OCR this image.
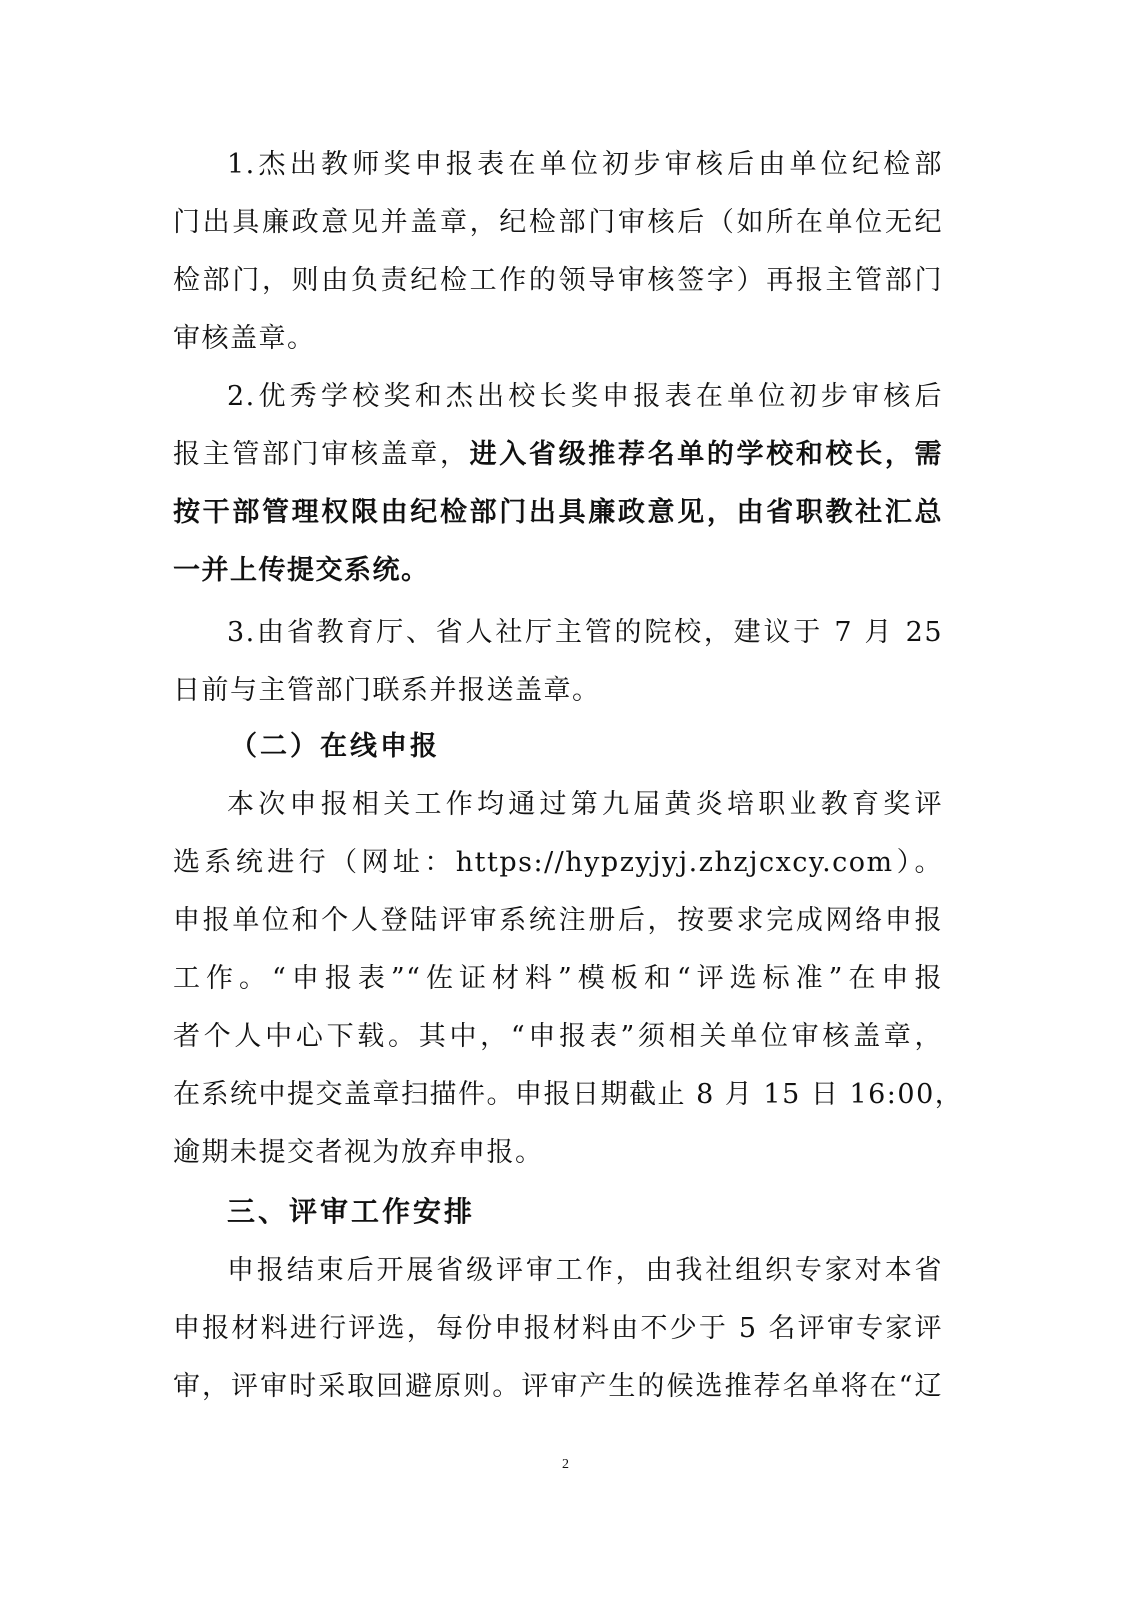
1.杰出教师奖申报表在单位初步审核后由单位纪检部
门出具廉政意见并盖章，纪检部门审核后（如所在单位无纪
检部门，则由负责纪检工作的领导审核签字）再报主管部门
审核盖章。
2.优秀学校奖和杰出校长奖申报表在单位初步审核后
报主管部门审核盖章，进入省级推荐名单的学校和校长，需
按干部管理权限由纪检部门出具廉政意见，由省职教社汇总
一并上传提交系统。
3.由省教育厅、省人社厅主管的院校，建议于 7 月 25
日前与主管部门联系并报送盖章。
（二）在线申报
本次申报相关工作均通过第九届黄炎培职业教育奖评
选系统进行（网址：https://hypzyjyj.zhzjcxcy.com）。
申报单位和个人登陆评审系统注册后，按要求完成网络申报
工作。“申报表”“佐证材料”模板和“评选标准”在申报
者个人中心下载。其中，“申报表”须相关单位审核盖章，
在系统中提交盖章扫描件。申报日期截止 8 月 15 日 16:00，
逾期未提交者视为放弃申报。
三、评审工作安排
申报结束后开展省级评审工作，由我社组织专家对本省
申报材料进行评选，每份申报材料由不少于 5 名评审专家评
审，评审时采取回避原则。评审产生的候选推荐名单将在“辽
2
